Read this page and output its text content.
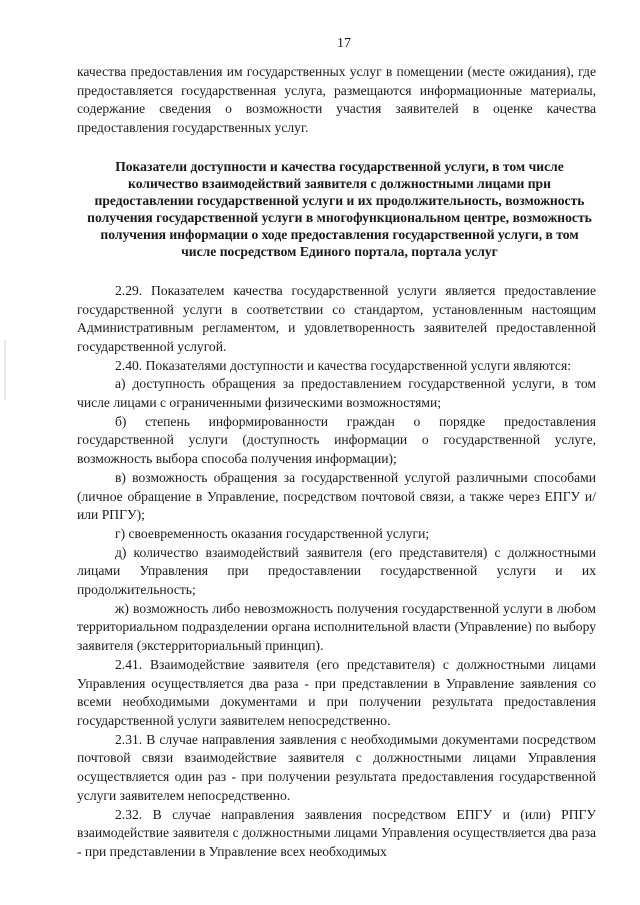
17

качества предоставления им государственных услуг в помещении (месте ожидания), где предоставляется государственная услуга, размещаются информационные материалы, содержание сведения о возможности участия заявителей в оценке качества предоставления государственных услуг.

Показатели доступности и качества государственной услуги, в том числе количество взаимодействий заявителя с должностными лицами при предоставлении государственной услуги и их продолжительность, возможность получения государственной услуги в многофункциональном центре, возможность получения информации о ходе предоставления государственной услуги, в том числе посредством Единого портала, портала услуг

2.29. Показателем качества государственной услуги является предоставление государственной услуги в соответствии со стандартом, установленным настоящим Административным регламентом, и удовлетворенность заявителей предоставленной государственной услугой.

2.40. Показателями доступности и качества государственной услуги являются:

а) доступность обращения за предоставлением государственной услуги, в том числе лицами с ограниченными физическими возможностями;

б) степень информированности граждан о порядке предоставления государственной услуги (доступность информации о государственной услуге, возможность выбора способа получения информации);

в) возможность обращения за государственной услугой различными способами (личное обращение в Управление, посредством почтовой связи, а также через ЕПГУ и/или РПГУ);

г) своевременность оказания государственной услуги;

д) количество взаимодействий заявителя (его представителя) с должностными лицами Управления при предоставлении государственной услуги и их продолжительность;

ж) возможность либо невозможность получения государственной услуги в любом территориальном подразделении органа исполнительной власти (Управление) по выбору заявителя (экстерриториальный принцип).

2.41. Взаимодействие заявителя (его представителя) с должностными лицами Управления осуществляется два раза - при представлении в Управление заявления со всеми необходимыми документами и при получении результата предоставления государственной услуги заявителем непосредственно.

2.31. В случае направления заявления с необходимыми документами посредством почтовой связи взаимодействие заявителя с должностными лицами Управления осуществляется один раз - при получении результата предоставления государственной услуги заявителем непосредственно.

2.32. В случае направления заявления посредством ЕПГУ и (или) РПГУ взаимодействие заявителя с должностными лицами Управления осуществляется два раза - при представлении в Управление всех необходимых
